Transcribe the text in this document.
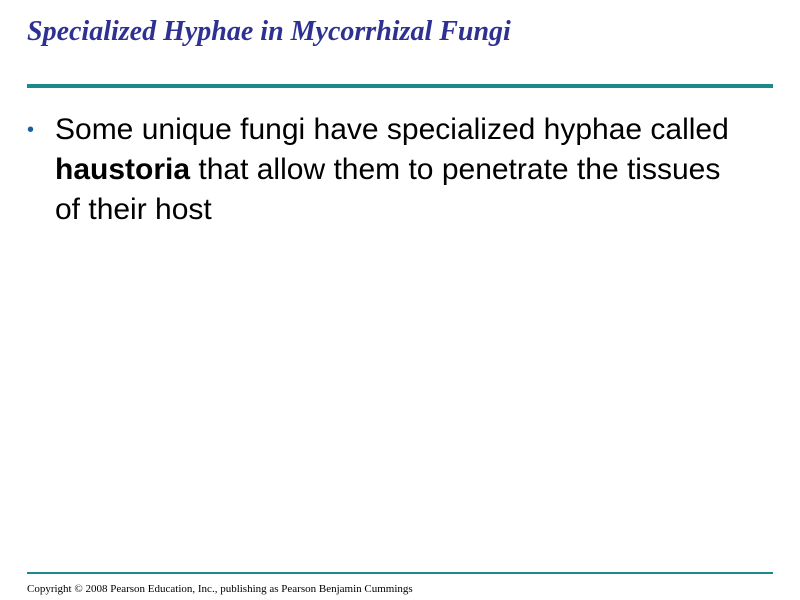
Specialized Hyphae in Mycorrhizal Fungi
• Some unique fungi have specialized hyphae called haustoria that allow them to penetrate the tissues of their host

Copyright © 2008 Pearson Education, Inc., publishing as Pearson Benjamin Cummings
